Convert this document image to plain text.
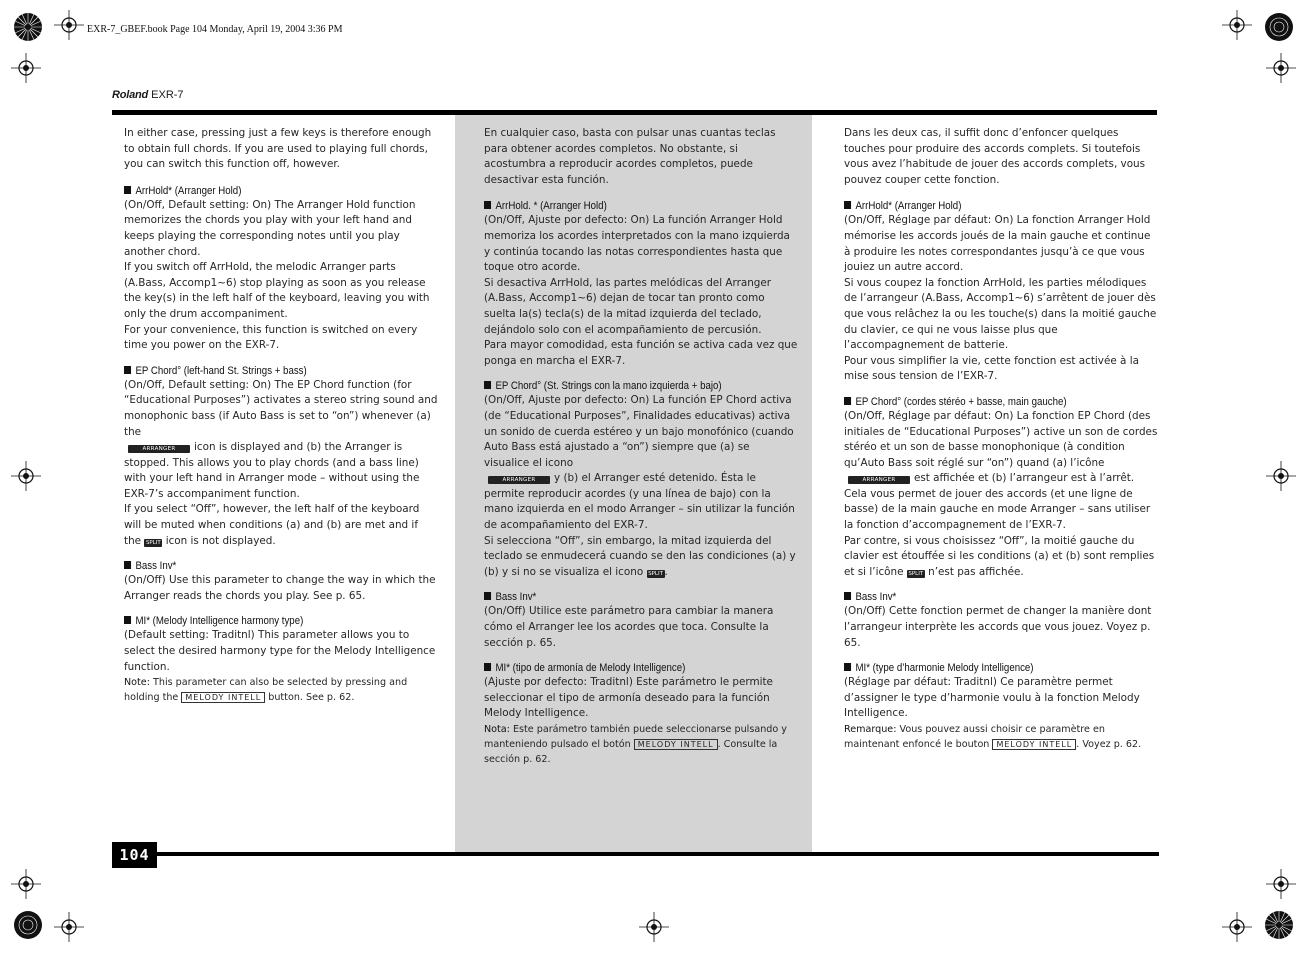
EXR-7_GBEF.book Page 104 Monday, April 19, 2004 3:36 PM
Roland EXR-7

In either case, pressing just a few keys is therefore enough to obtain full chords. If you are used to playing full chords, you can switch this function off, however.

ArrHold* (Arranger Hold)

(On/Off, Default setting: On) The Arranger Hold function memorizes the chords you play with your left hand and keeps playing the corresponding notes until you play another chord.

If you switch off ArrHold, the melodic Arranger parts (A.Bass, Accomp1~6) stop playing as soon as you release the key(s) in the left half of the keyboard, leaving you with only the drum accompaniment.

For your convenience, this function is switched on every time you power on the EXR-7.

EP Chord° (left-hand St. Strings + bass)

(On/Off, Default setting: On) The EP Chord function (for “Educational Purposes”) activates a stereo string sound and monophonic bass (if Auto Bass is set to “on”) whenever (a) the
ARRANGER icon is displayed and (b) the Arranger is stopped. This allows you to play chords (and a bass line) with your left hand in Arranger mode – without using the EXR-7’s accompaniment function.

If you select “Off”, however, the left half of the keyboard will be muted when conditions (a) and (b) are met and if the SPLIT icon is not displayed.

Bass Inv*

(On/Off) Use this parameter to change the way in which the Arranger reads the chords you play. See p. 65.

MI* (Melody Intelligence harmony type)

(Default setting: Traditnl) This parameter allows you to select the desired harmony type for the Melody Intelligence function.

Note: This parameter can also be selected by pressing and holding the MELODY INTELL button. See p. 62.

En cualquier caso, basta con pulsar unas cuantas teclas para obtener acordes completos. No obstante, si acostumbra a reproducir acordes completos, puede desactivar esta función.

ArrHold. * (Arranger Hold)

(On/Off, Ajuste por defecto: On) La función Arranger Hold memoriza los acordes interpretados con la mano izquierda y continúa tocando las notas correspondientes hasta que toque otro acorde.

Si desactiva ArrHold, las partes melódicas del Arranger (A.Bass, Accomp1~6) dejan de tocar tan pronto como suelta la(s) tecla(s) de la mitad izquierda del teclado, dejándolo solo con el acompañamiento de percusión.

Para mayor comodidad, esta función se activa cada vez que ponga en marcha el EXR-7.

EP Chord° (St. Strings con la mano izquierda + bajo)

(On/Off, Ajuste por defecto: On) La función EP Chord activa (de “Educational Purposes”, Finalidades educativas) activa un sonido de cuerda estéreo y un bajo monofónico (cuando Auto Bass está ajustado a “on”) siempre que (a) se visualice el icono
ARRANGER y (b) el Arranger esté detenido. Ésta le permite reproducir acordes (y una línea de bajo) con la mano izquierda en el modo Arranger – sin utilizar la función de acompañamiento del EXR-7.

Si selecciona “Off”, sin embargo, la mitad izquierda del teclado se enmudecerá cuando se den las condiciones (a) y (b) y si no se visualiza el icono SPLIT .

Bass Inv*

(On/Off) Utilice este parámetro para cambiar la manera cómo el Arranger lee los acordes que toca. Consulte la sección p. 65.

MI* (tipo de armonía de Melody Intelligence)

(Ajuste por defecto: Traditnl) Este parámetro le permite seleccionar el tipo de armonía deseado para la función Melody Intelligence.

Nota: Este parámetro también puede seleccionarse pulsando y manteniendo pulsado el botón MELODY INTELL . Consulte la sección p. 62.

Dans les deux cas, il suffit donc d’enfoncer quelques touches pour produire des accords complets. Si toutefois vous avez l’habitude de jouer des accords complets, vous pouvez couper cette fonction.

ArrHold* (Arranger Hold)

(On/Off, Réglage par défaut: On) La fonction Arranger Hold mémorise les accords joués de la main gauche et continue à produire les notes correspondantes jusqu’à ce que vous jouiez un autre accord.

Si vous coupez la fonction ArrHold, les parties mélodiques de l’arrangeur (A.Bass, Accomp1~6) s’arrêtent de jouer dès que vous relâchez la ou les touche(s) dans la moitié gauche du clavier, ce qui ne vous laisse plus que l’accompagnement de batterie.

Pour vous simplifier la vie, cette fonction est activée à la mise sous tension de l’EXR-7.

EP Chord° (cordes stéréo + basse, main gauche)

(On/Off, Réglage par défaut: On) La fonction EP Chord (des initiales de “Educational Purposes”) active un son de cordes stéréo et un son de basse monophonique (à condition qu’Auto Bass soit réglé sur “on”) quand (a) l’icône ARRANGER est affichée et (b) l’arrangeur est à l’arrêt. Cela vous permet de jouer des accords (et une ligne de basse) de la main gauche en mode Arranger – sans utiliser la fonction d’accompagnement de l’EXR-7.

Par contre, si vous choisissez “Off”, la moitié gauche du clavier est étouffée si les conditions (a) et (b) sont remplies et si l’icône SPLIT n’est pas affichée.

Bass Inv*

(On/Off) Cette fonction permet de changer la manière dont l’arrangeur interprète les accords que vous jouez. Voyez p. 65.

MI* (type d’harmonie Melody Intelligence)

(Réglage par défaut: Traditnl) Ce paramètre permet d’assigner le type d’harmonie voulu à la fonction Melody Intelligence.

Remarque: Vous pouvez aussi choisir ce paramètre en maintenant enfoncé le bouton MELODY INTELL . Voyez p. 62.

104
